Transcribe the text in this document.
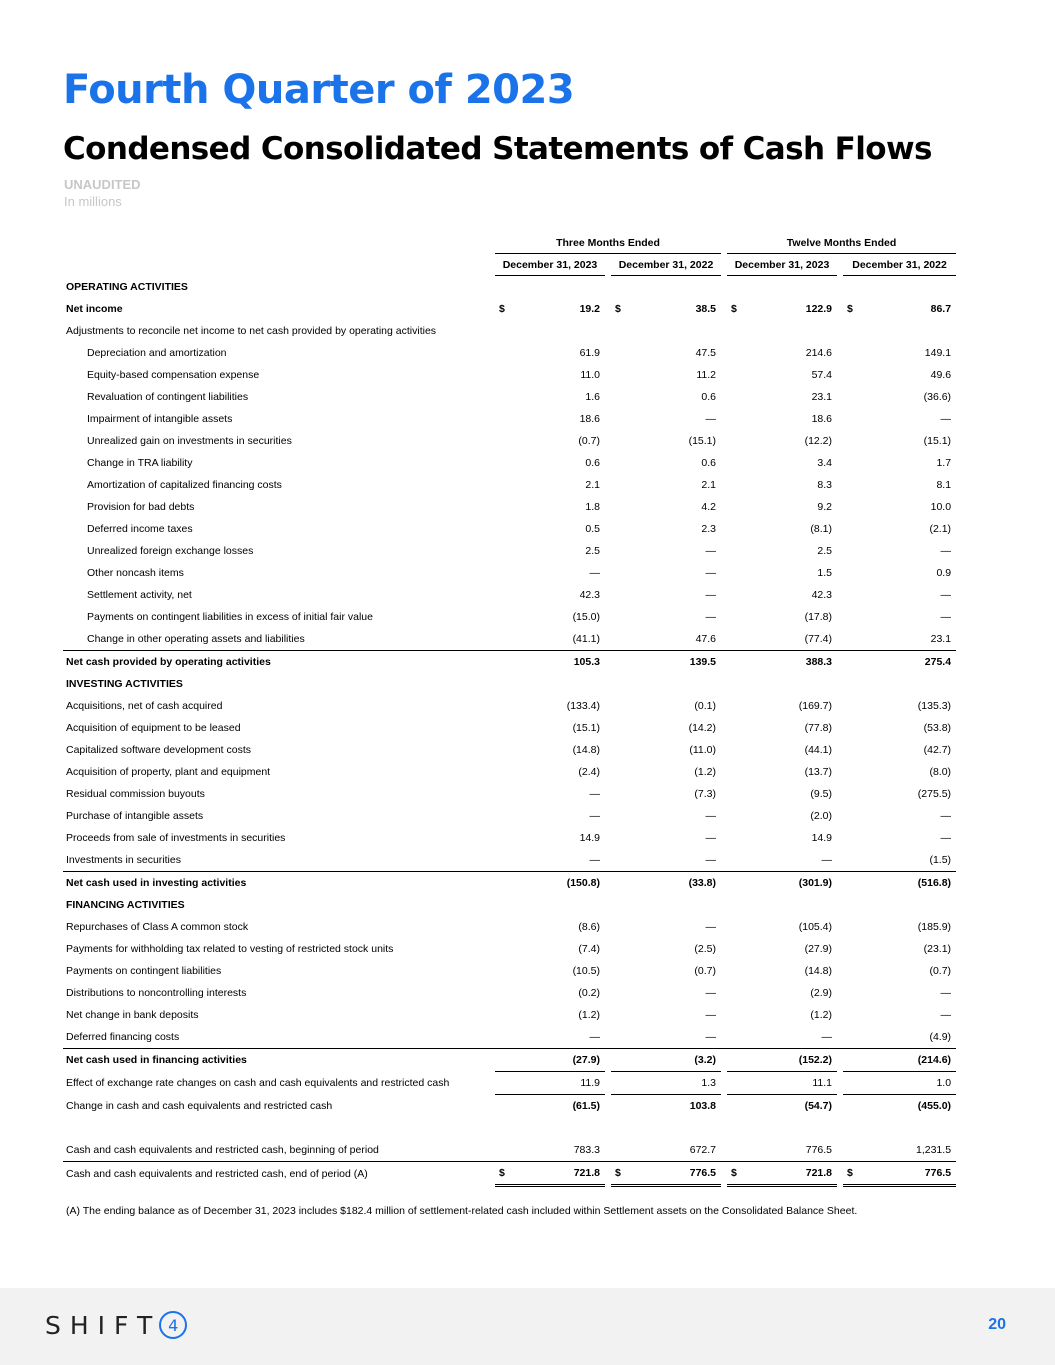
Fourth Quarter of 2023
Condensed Consolidated Statements of Cash Flows
UNAUDITED
In millions
	Three Months Ended						Twelve Months Ended				
	December 31, 2023			December 31, 2022			December 31, 2023			December 31, 2022	
OPERATING ACTIVITIES											
Net income	$	19.2		$	38.5		$	122.9		$	86.7
Adjustments to reconcile net income to net cash provided by operating activities											
Depreciation and amortization		61.9			47.5			214.6			149.1
Equity-based compensation expense		11.0			11.2			57.4			49.6
Revaluation of contingent liabilities		1.6			0.6			23.1			(36.6)
Impairment of intangible assets		18.6			—			18.6			—
Unrealized gain on investments in securities		(0.7)			(15.1)			(12.2)			(15.1)
Change in TRA liability		0.6			0.6			3.4			1.7
Amortization of capitalized financing costs		2.1			2.1			8.3			8.1
Provision for bad debts		1.8			4.2			9.2			10.0
Deferred income taxes		0.5			2.3			(8.1)			(2.1)
Unrealized foreign exchange losses		2.5			—			2.5			—
Other noncash items		—			—			1.5			0.9
Settlement activity, net		42.3			—			42.3			—
Payments on contingent liabilities in excess of initial fair value		(15.0)			—			(17.8)			—
Change in other operating assets and liabilities		(41.1)			47.6			(77.4)			23.1
Net cash provided by operating activities		105.3			139.5			388.3			275.4
INVESTING ACTIVITIES											
Acquisitions, net of cash acquired		(133.4)			(0.1)			(169.7)			(135.3)
Acquisition of equipment to be leased		(15.1)			(14.2)			(77.8)			(53.8)
Capitalized software development costs		(14.8)			(11.0)			(44.1)			(42.7)
Acquisition of property, plant and equipment		(2.4)			(1.2)			(13.7)			(8.0)
Residual commission buyouts		—			(7.3)			(9.5)			(275.5)
Purchase of intangible assets		—			—			(2.0)			—
Proceeds from sale of investments in securities		14.9			—			14.9			—
Investments in securities		—			—			—			(1.5)
Net cash used in investing activities		(150.8)			(33.8)			(301.9)			(516.8)
FINANCING ACTIVITIES											
Repurchases of Class A common stock		(8.6)			—			(105.4)			(185.9)
Payments for withholding tax related to vesting of restricted stock units		(7.4)			(2.5)			(27.9)			(23.1)
Payments on contingent liabilities		(10.5)			(0.7)			(14.8)			(0.7)
Distributions to noncontrolling interests		(0.2)			—			(2.9)			—
Net change in bank deposits		(1.2)			—			(1.2)			—
Deferred financing costs		—			—			—			(4.9)
Net cash used in financing activities		(27.9)			(3.2)			(152.2)			(214.6)
Effect of exchange rate changes on cash and cash equivalents and restricted cash		11.9			1.3			11.1			1.0
Change in cash and cash equivalents and restricted cash		(61.5)			103.8			(54.7)			(455.0)

Cash and cash equivalents and restricted cash, beginning of period		783.3			672.7			776.5			1,231.5
Cash and cash equivalents and restricted cash, end of period (A)	$	721.8		$	776.5		$	721.8		$	776.5
(A) The ending balance as of December 31, 2023 includes $182.4 million of settlement-related cash included within Settlement assets on the Consolidated Balance Sheet.
SHIFT 4	20
